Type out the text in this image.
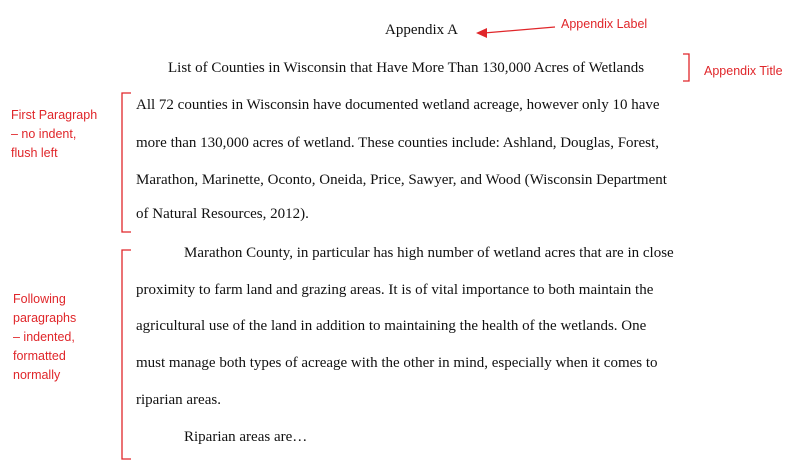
Appendix A
List of Counties in Wisconsin that Have More Than 130,000 Acres of Wetlands
All 72 counties in Wisconsin have documented wetland acreage, however only 10 have
more than 130,000 acres of wetland. These counties include: Ashland, Douglas, Forest,
Marathon, Marinette, Oconto, Oneida, Price, Sawyer, and Wood (Wisconsin Department
of Natural Resources, 2012).
Marathon County, in particular has high number of wetland acres that are in close
proximity to farm land and grazing areas. It is of vital importance to both maintain the
agricultural use of the land in addition to maintaining the health of the wetlands. One
must manage both types of acreage with the other in mind, especially when it comes to
riparian areas.
Riparian areas are…
Appendix Label
Appendix Title
First Paragraph
– no indent,
flush left
Following
paragraphs
– indented,
formatted
normally
